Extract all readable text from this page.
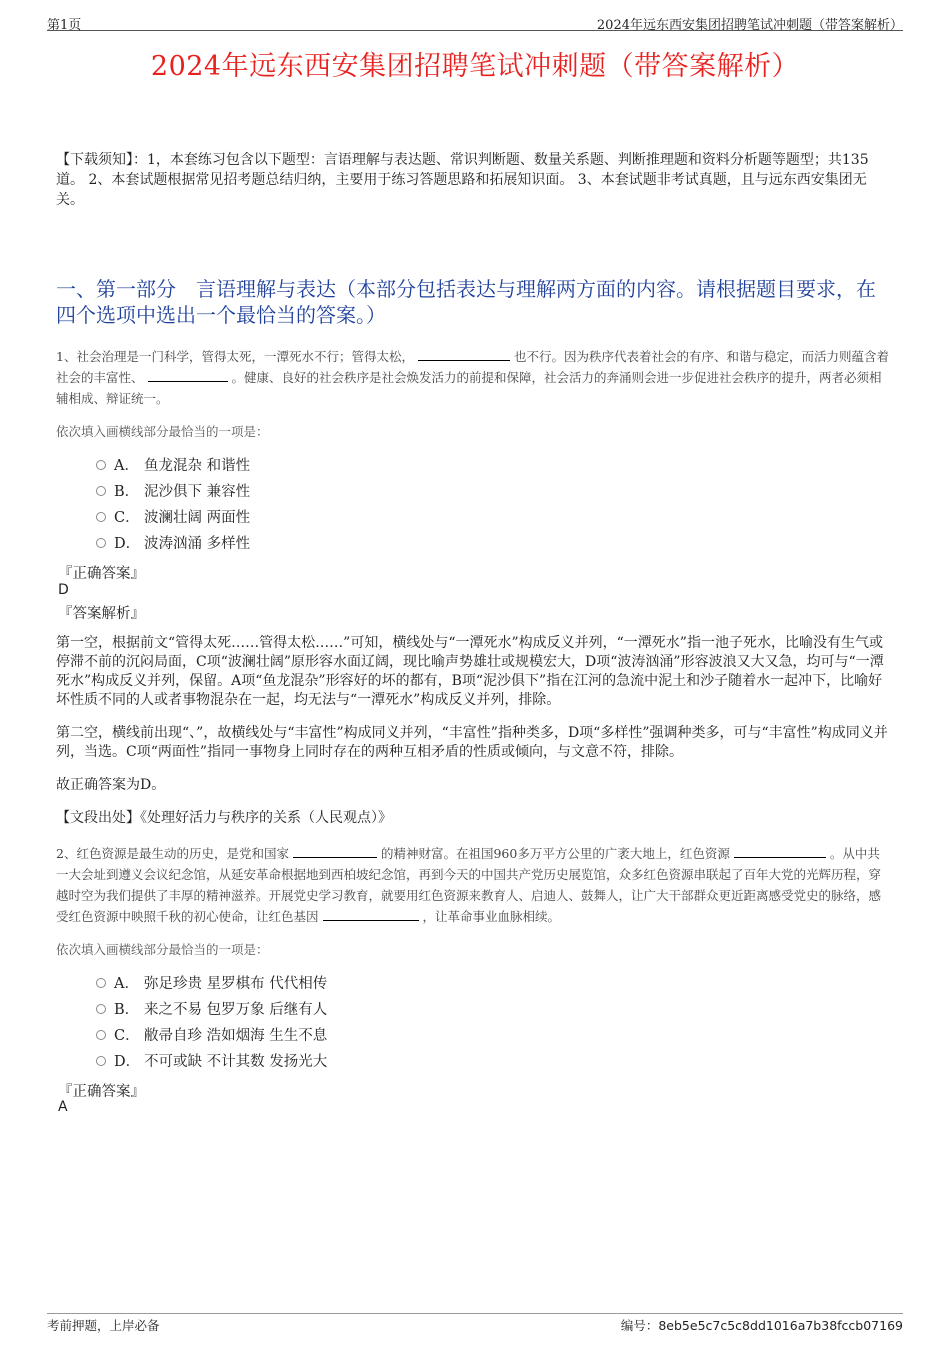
第1页	2024年远东西安集团招聘笔试冲刺题（带答案解析）
2024年远东西安集团招聘笔试冲刺题（带答案解析）
【下载须知】：1，本套练习包含以下题型：言语理解与表达题、常识判断题、数量关系题、判断推理题和资料分析题等题型；共135道。 2、本套试题根据常见招考题总结归纳，主要用于练习答题思路和拓展知识面。 3、本套试题非考试真题，且与远东西安集团无关。
一、第一部分 言语理解与表达（本部分包括表达与理解两方面的内容。请根据题目要求，在四个选项中选出一个最恰当的答案。）
1、社会治理是一门科学，管得太死，一潭死水不行；管得太松，	也不行。因为秩序代表着社会的有序、和谐与稳定，而活力则蕴含着社会的丰富性、	。健康、良好的社会秩序是社会焕发活力的前提和保障，社会活力的奔涌则会进一步促进社会秩序的提升，两者必须相辅相成、辩证统一。
依次填入画横线部分最恰当的一项是：
A． 鱼龙混杂 和谐性
B． 泥沙俱下 兼容性
C． 波澜壮阔 两面性
D． 波涛汹涌 多样性
『正确答案』
D
『答案解析』

第一空，根据前文“管得太死……管得太松……”可知，横线处与“一潭死水”构成反义并列，“一潭死水”指一池子死水，比喻没有生气或停滞不前的沉闷局面，C项“波澜壮阔”原形容水面辽阔，现比喻声势雄壮或规模宏大，D项“波涛汹涌”形容波浪又大又急，均可与“一潭死水”构成反义并列，保留。A项“鱼龙混杂”形容好的坏的都有，B项“泥沙俱下”指在江河的急流中泥土和沙子随着水一起冲下，比喻好坏性质不同的人或者事物混杂在一起，均无法与“一潭死水”构成反义并列，排除。

第二空，横线前出现“、”，故横线处与“丰富性”构成同义并列，“丰富性”指种类多，D项“多样性”强调种类多，可与“丰富性”构成同义并列，当选。C项“两面性”指同一事物身上同时存在的两种互相矛盾的性质或倾向，与文意不符，排除。

故正确答案为D。

【文段出处】《处理好活力与秩序的关系（人民观点）》

2、红色资源是最生动的历史，是党和国家	的精神财富。在祖国960多万平方公里的广袤大地上，红色资源	。从中共一大会址到遵义会议纪念馆，从延安革命根据地到西柏坡纪念馆，再到今天的中国共产党历史展览馆，众多红色资源串联起了百年大党的光辉历程，穿越时空为我们提供了丰厚的精神滋养。开展党史学习教育，就要用红色资源来教育人、启迪人、鼓舞人，让广大干部群众更近距离感受党史的脉络，感受红色资源中映照千秋的初心使命，让红色基因	，让革命事业血脉相续。
依次填入画横线部分最恰当的一项是：
A． 弥足珍贵 星罗棋布 代代相传
B． 来之不易 包罗万象 后继有人
C． 敝帚自珍 浩如烟海 生生不息
D． 不可或缺 不计其数 发扬光大
『正确答案』
A
考前押题，上岸必备	编号：8eb5e5c7c5c8dd1016a7b38fccb07169
